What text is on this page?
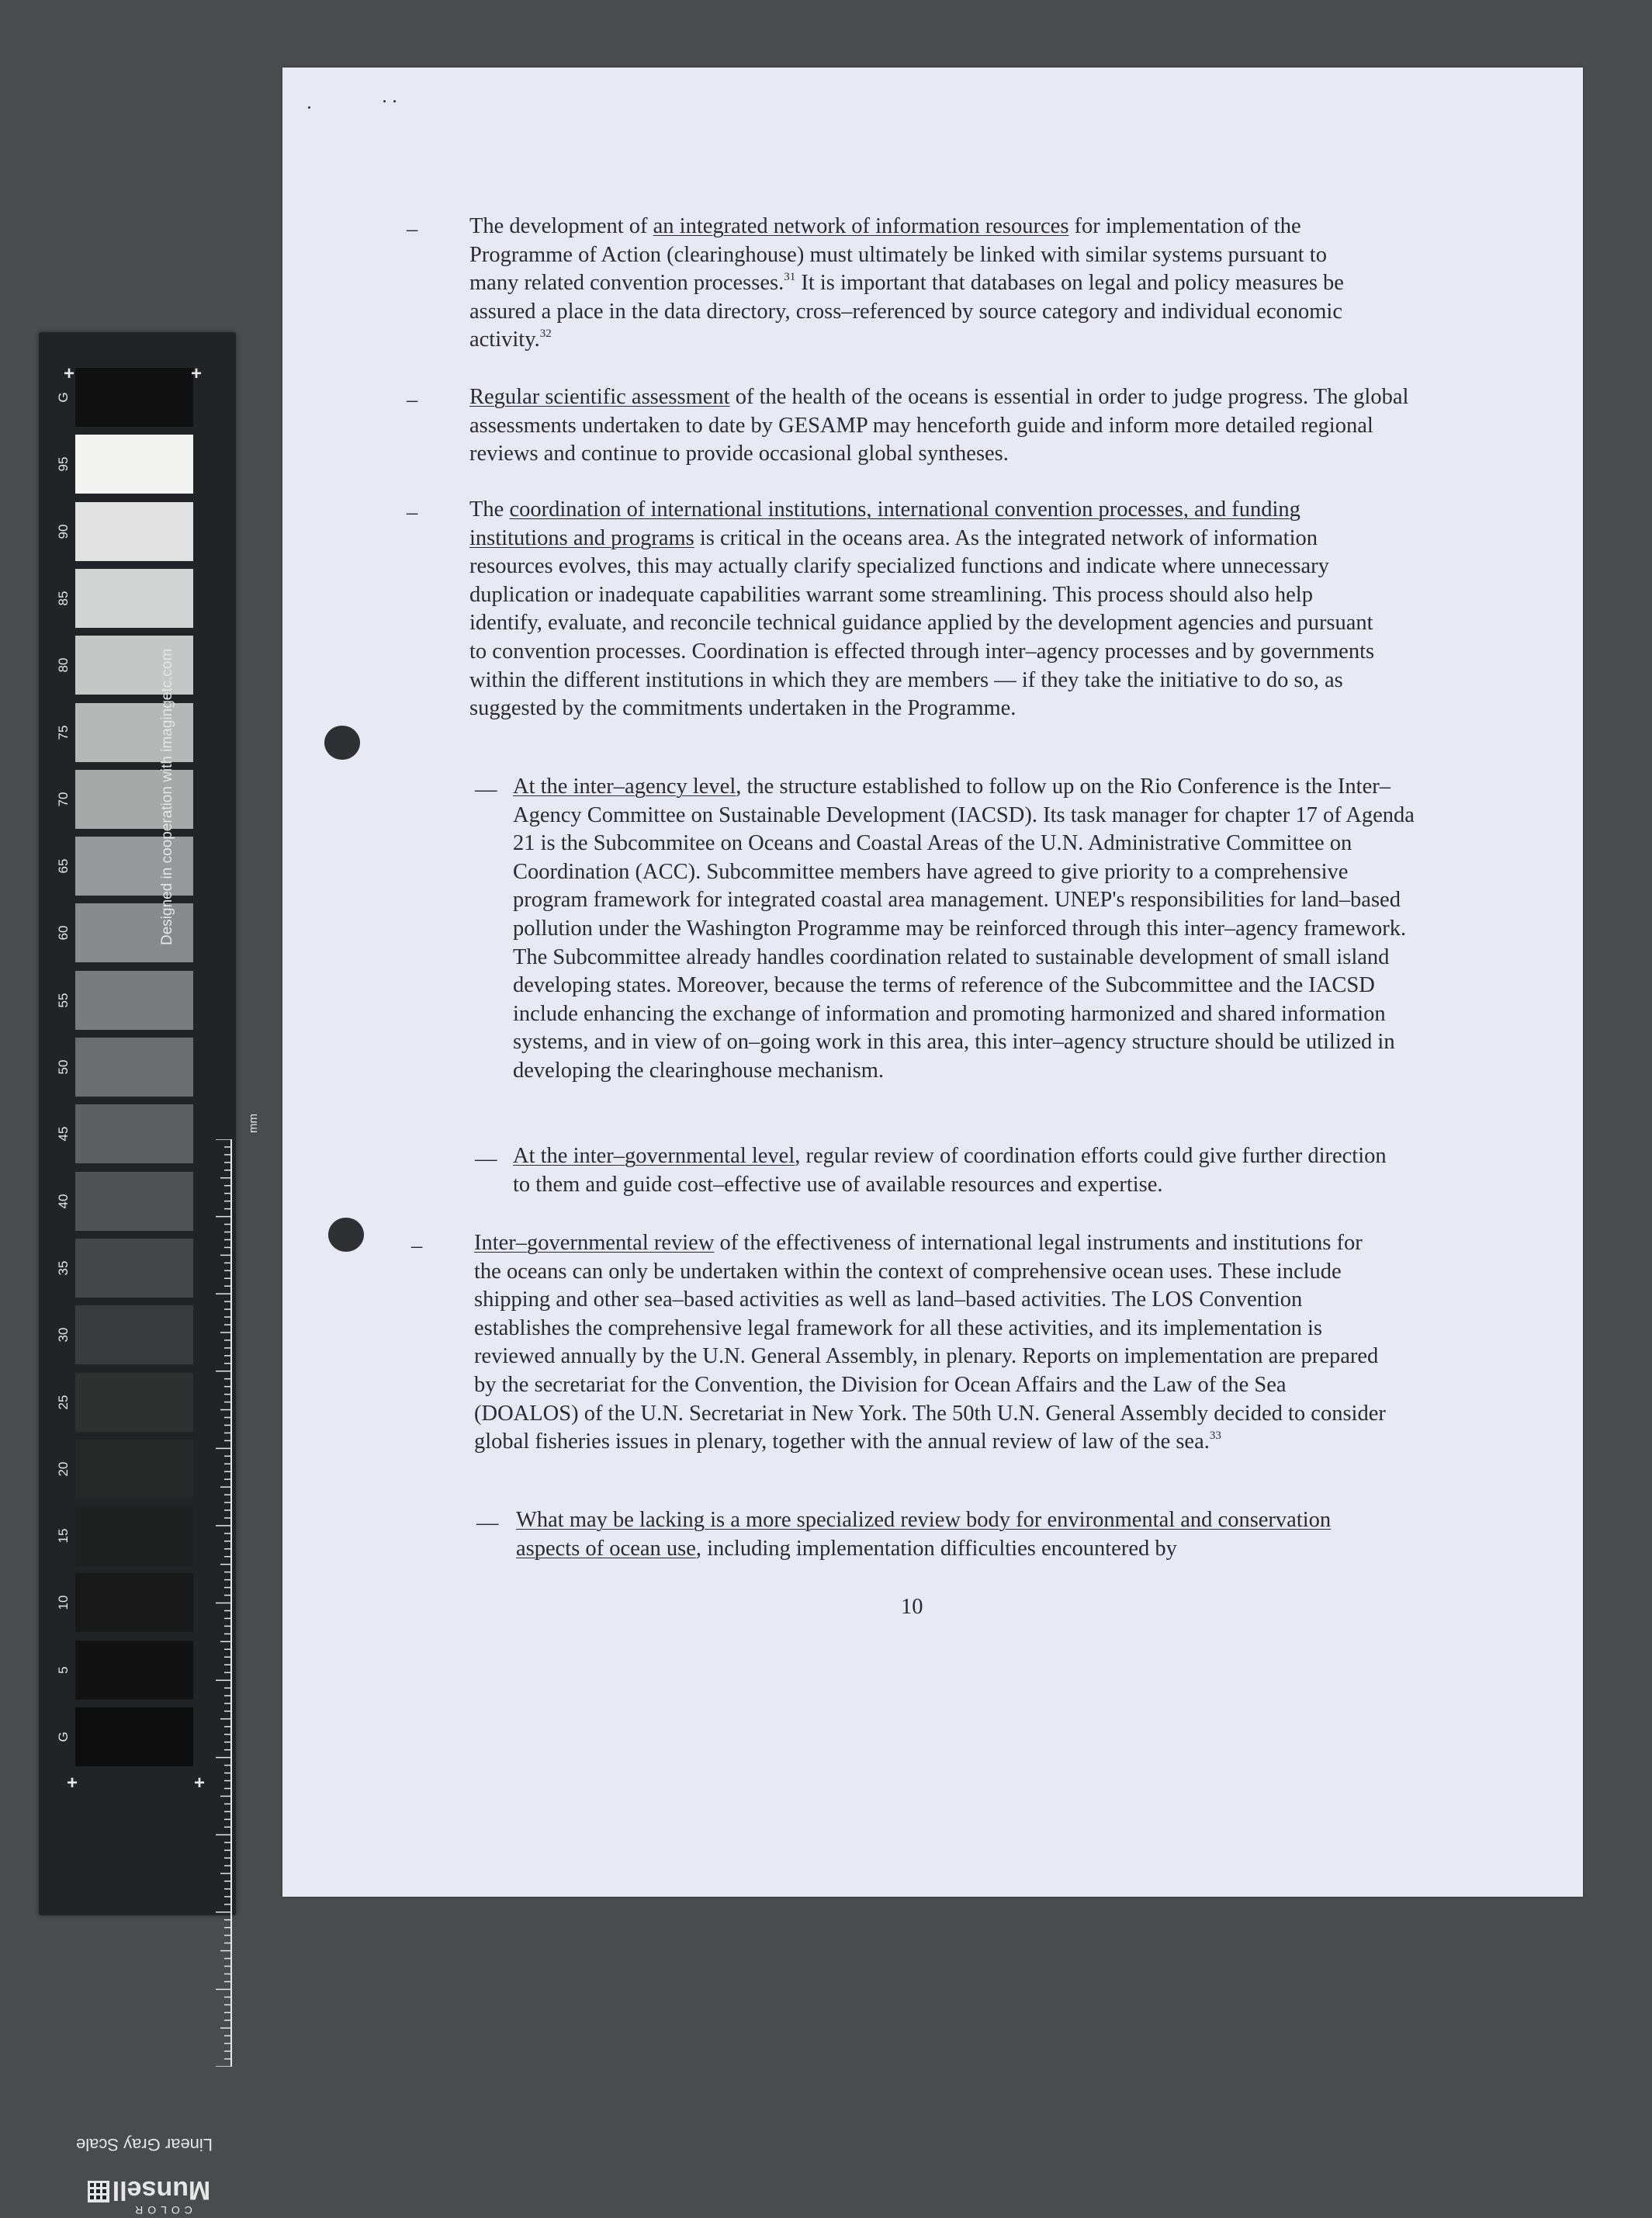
G
95
90
85
80
75
70
65
60
55
50
45
40
35
30
25
20
15
10
5
G
+	+
+	+
Designed in cooperation with imagingetc.com
mm
Linear Gray Scale
Munsell
COLOR
– The development of an integrated network of information resources for implementation of the Programme of Action (clearinghouse) must ultimately be linked with similar systems pursuant to many related convention processes.$^{31}$ It is important that databases on legal and policy measures be assured a place in the data directory, cross–referenced by source category and individual economic activity.$^{32}$

– Regular scientific assessment of the health of the oceans is essential in order to judge progress. The global assessments undertaken to date by GESAMP may henceforth guide and inform more detailed regional reviews and continue to provide occasional global syntheses.

– The coordination of international institutions, international convention processes, and funding institutions and programs is critical in the oceans area. As the integrated network of information resources evolves, this may actually clarify specialized functions and indicate where unnecessary duplication or inadequate capabilities warrant some streamlining. This process should also help identify, evaluate, and reconcile technical guidance applied by the development agencies and pursuant to convention processes. Coordination is effected through inter–agency processes and by governments within the different institutions in which they are members –– if they take the initiative to do so, as suggested by the commitments undertaken in the Programme.

–– At the inter–agency level, the structure established to follow up on the Rio Conference is the Inter–Agency Committee on Sustainable Development (IACSD). Its task manager for chapter 17 of Agenda 21 is the Subcommitee on Oceans and Coastal Areas of the U.N. Administrative Committee on Coordination (ACC). Subcommittee members have agreed to give priority to a comprehensive program framework for integrated coastal area management. UNEP's responsibilities for land–based pollution under the Washington Programme may be reinforced through this inter–agency framework. The Subcommittee already handles coordination related to sustainable development of small island developing states. Moreover, because the terms of reference of the Subcommittee and the IACSD include enhancing the exchange of information and promoting harmonized and shared information systems, and in view of on–going work in this area, this inter–agency structure should be utilized in developing the clearinghouse mechanism.

–– At the inter–governmental level, regular review of coordination efforts could give further direction to them and guide cost–effective use of available resources and expertise.

– Inter–governmental review of the effectiveness of international legal instruments and institutions for the oceans can only be undertaken within the context of comprehensive ocean uses. These include shipping and other sea–based activities as well as land–based activities. The LOS Convention establishes the comprehensive legal framework for all these activities, and its implementation is reviewed annually by the U.N. General Assembly, in plenary. Reports on implementation are prepared by the secretariat for the Convention, the Division for Ocean Affairs and the Law of the Sea (DOALOS) of the U.N. Secretariat in New York. The 50th U.N. General Assembly decided to consider global fisheries issues in plenary, together with the annual review of law of the sea.$^{33}$

–– What may be lacking is a more specialized review body for environmental and conservation aspects of ocean use, including implementation difficulties encountered by

10
